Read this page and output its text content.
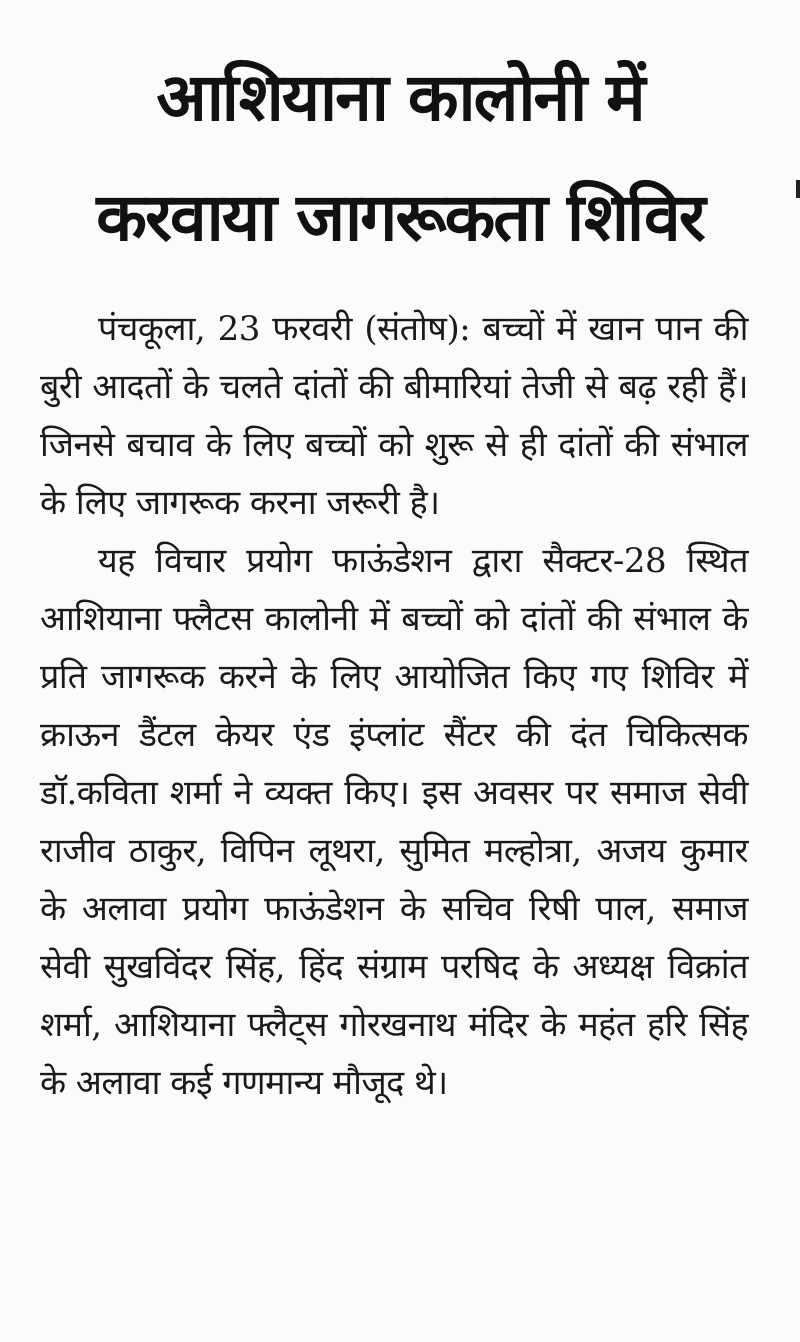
आशियाना कालोनी में
करवाया जागरूकता शिविर

पंचकूला, 23 फरवरी (संतोष): बच्चों में खान पान की बुरी आदतों के चलते दांतों की बीमारियां तेजी से बढ़ रही हैं। जिनसे बचाव के लिए बच्चों को शुरू से ही दांतों की संभाल के लिए जागरूक करना जरूरी है।

यह विचार प्रयोग फाऊंडेशन द्वारा सैक्टर-28 स्थित आशियाना फ्लैटस कालोनी में बच्चों को दांतों की संभाल के प्रति जागरूक करने के लिए आयोजित किए गए शिविर में क्राऊन डैंटल केयर एंड इंप्लांट सैंटर की दंत चिकित्सक डॉ.कविता शर्मा ने व्यक्त किए। इस अवसर पर समाज सेवी राजीव ठाकुर, विपिन लूथरा, सुमित मल्होत्रा, अजय कुमार के अलावा प्रयोग फाऊंडेशन के सचिव रिषी पाल, समाज सेवी सुखविंदर सिंह, हिंद संग्राम परषिद के अध्यक्ष विक्रांत शर्मा, आशियाना फ्लैट्स गोरखनाथ मंदिर के महंत हरि सिंह के अलावा कई गणमान्य मौजूद थे।
